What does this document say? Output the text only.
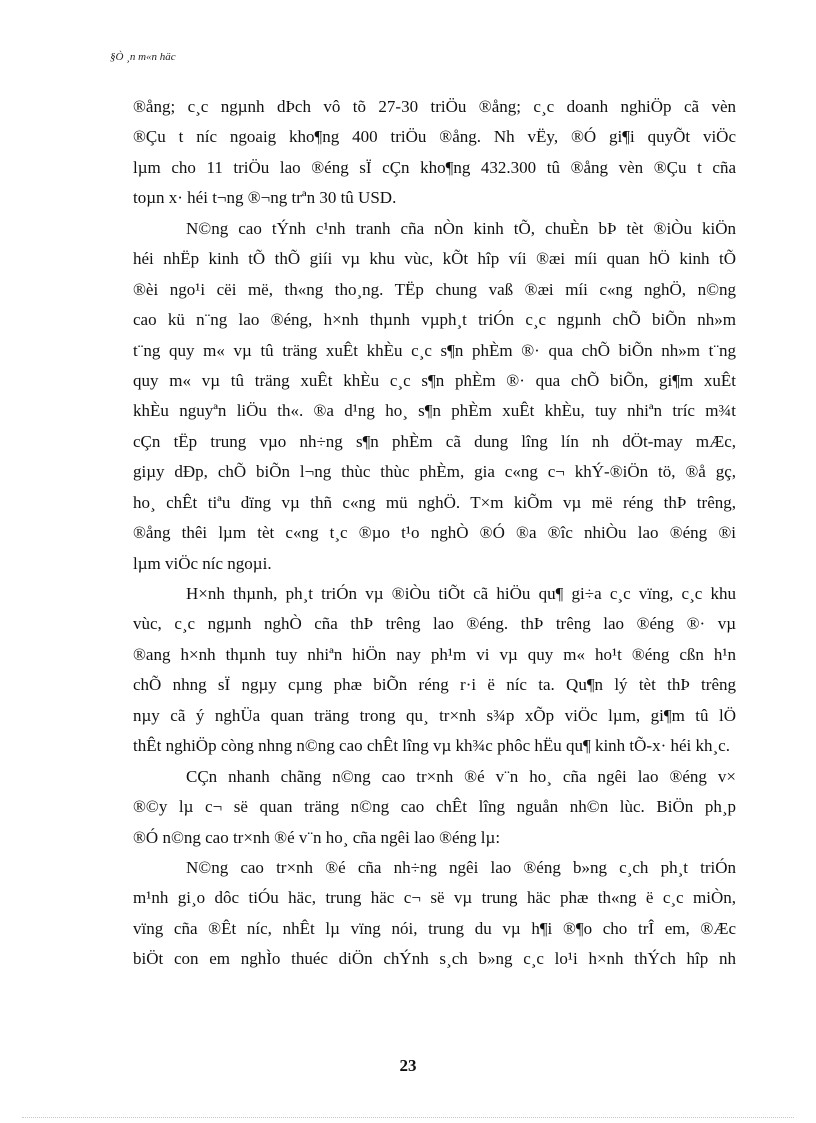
§Ò ¸n m«n häc
®ång; c¸c ngµnh dÞch vô tõ 27-30 triÖu ®ång; c¸c doanh nghiÖp cã vèn
®Çu t níc ngoaig kho¶ng 400 triÖu ®ång. Nh vËy, ®Ó gi¶i quyÕt viÖc
lµm cho 11 triÖu lao ®éng sÏ cÇn kho¶ng 432.300 tû ®ång vèn ®Çu t cña
toµn x· héi t¬ng ®¬ng trªn 30 tû USD.
N©ng cao tÝnh c¹nh tranh cña nÒn kinh tÕ, chuÈn bÞ tèt ®iÒu kiÖn
héi nhËp kinh tÕ thÕ giíi vµ khu vùc, kÕt hîp víi ®æi míi quan hÖ kinh tÕ
®èi ngo¹i cëi më, th«ng tho¸ng. TËp chung vaß ®æi míi c«ng nghÖ, n©ng
cao kü n¨ng lao ®éng, h×nh thµnh vµph¸t triÓn c¸c ngµnh chÕ biÕn nh»m
t¨ng quy m« vµ tû träng xuÊt khÈu c¸c s¶n phÈm ®· qua chÕ biÕn nh»m t¨ng
quy m« vµ tû träng xuÊt khÈu c¸c s¶n phÈm ®· qua chÕ biÕn, gi¶m xuÊt
khÈu nguyªn liÖu th«. ®a d¹ng ho¸ s¶n phÈm xuÊt khÈu, tuy nhiªn tríc m¾t
cÇn tËp trung vµo nh÷ng s¶n phÈm cã dung lîng lín nh dÖt-may mÆc,
giµy dÐp, chÕ biÕn l¬ng thùc thùc phÈm, gia c«ng c¬ khÝ-®iÖn tö, ®å gç,
ho¸ chÊt tiªu dïng vµ thñ c«ng mü nghÖ. T×m kiÕm vµ më réng thÞ trêng,
®ång thêi lµm tèt c«ng t¸c ®µo t¹o nghÒ ®Ó ®a ®îc nhiÒu lao ®éng ®i
lµm viÖc níc ngoµi.
H×nh thµnh, ph¸t triÓn vµ ®iÒu tiÕt cã hiÖu qu¶ gi÷a c¸c vïng, c¸c khu
vùc, c¸c ngµnh nghÒ cña thÞ trêng lao ®éng. thÞ trêng lao ®éng ®· vµ
®ang h×nh thµnh tuy nhiªn hiÖn nay ph¹m vi vµ quy m« ho¹t ®éng cßn h¹n
chÕ nhng sÏ ngµy cµng phæ biÕn réng r·i ë níc ta. Qu¶n lý tèt thÞ trêng
nµy cã ý nghÜa quan träng trong qu¸ tr×nh s¾p xÕp viÖc lµm, gi¶m tû lÖ
thÊt nghiÖp còng nhng n©ng cao chÊt lîng vµ kh¾c phôc hËu qu¶ kinh tÕ-x· héi kh¸c.
CÇn nhanh chãng n©ng cao tr×nh ®é v¨n ho¸ cña ngêi lao ®éng v×
®©y lµ c¬ së quan träng n©ng cao chÊt lîng nguån nh©n lùc. BiÖn ph¸p
®Ó n©ng cao tr×nh ®é v¨n ho¸ cña ngêi lao ®éng lµ:
N©ng cao tr×nh ®é cña nh÷ng ngêi lao ®éng b»ng c¸ch ph¸t triÓn
m¹nh gi¸o dôc tiÓu häc, trung häc c¬ së vµ trung häc phæ th«ng ë c¸c miÒn,
vïng cña ®Êt níc, nhÊt lµ vïng nói, trung du vµ h¶i ®¶o cho trÎ em, ®Æc
biÖt con em nghÌo thuéc diÖn chÝnh s¸ch b»ng c¸c lo¹i h×nh thÝch hîp nh
23
